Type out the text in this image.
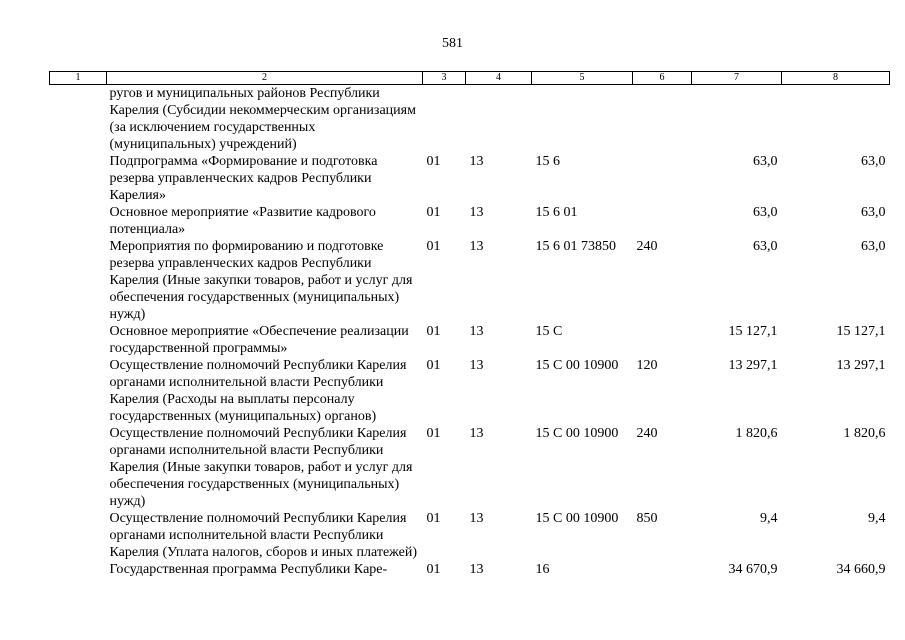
581
1	2	3	4	5	6	7	8
	ругов и муниципальных районов Республики Карелия (Субсидии некоммерческим организациям (за исключением государственных (муниципальных) учреждений)						
	Подпрограмма «Формирование и подготовка резерва управленческих кадров Республики Карелия»	01	13	15 6		63,0	63,0
	Основное мероприятие «Развитие кадрового потенциала»	01	13	15 6 01		63,0	63,0
	Мероприятия по формированию и подготовке резерва управленческих кадров Республики Карелия (Иные закупки товаров, работ и услуг для обеспечения государственных (муниципальных) нужд)	01	13	15 6 01 73850	240	63,0	63,0
	Основное мероприятие «Обеспечение реализации государственной программы»	01	13	15 С		15 127,1	15 127,1
	Осуществление полномочий Республики Карелия органами исполнительной власти Республики Карелия (Расходы на выплаты персоналу государственных (муниципальных) органов)	01	13	15 С 00 10900	120	13 297,1	13 297,1
	Осуществление полномочий Республики Карелия органами исполнительной власти Республики Карелия (Иные закупки товаров, работ и услуг для обеспечения государственных (муниципальных) нужд)	01	13	15 С 00 10900	240	1 820,6	1 820,6
	Осуществление полномочий Республики Карелия органами исполнительной власти Республики Карелия (Уплата налогов, сборов и иных платежей)	01	13	15 С 00 10900	850	9,4	9,4
	Государственная программа Республики Каре-	01	13	16		34 670,9	34 660,9
